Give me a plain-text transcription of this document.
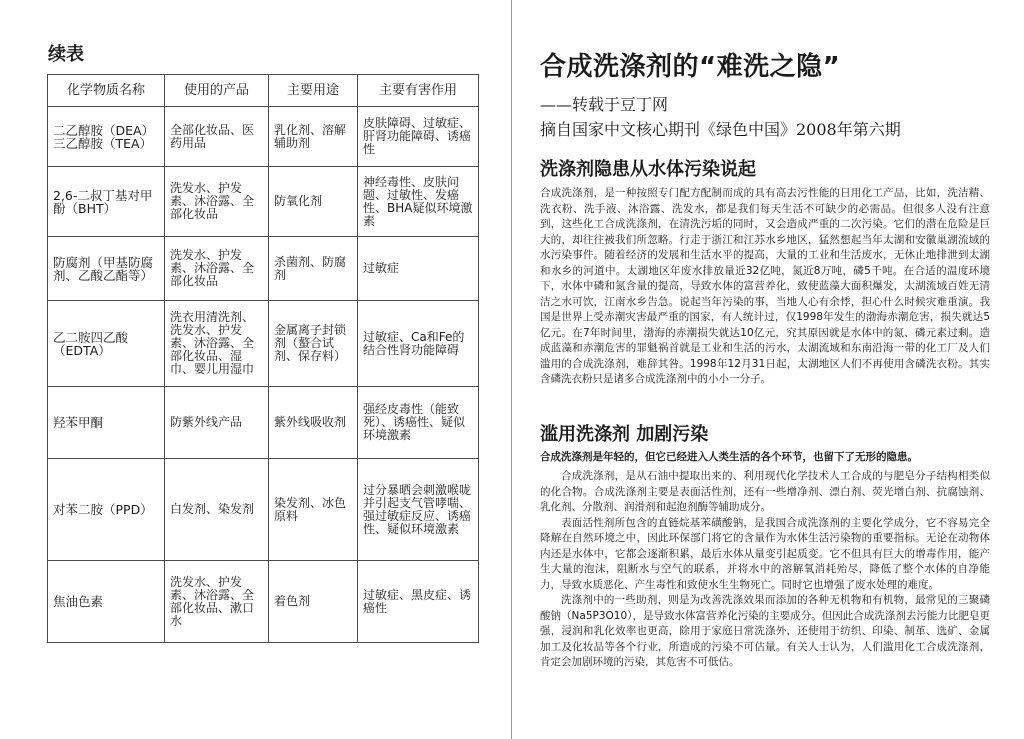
续表
化学物质名称	使用的产品	主要用途	主要有害作用
二乙醇胺（DEA）三乙醇胺（TEA）	全部化妆品、医药用品	乳化剂、溶解辅助剂	皮肤障碍、过敏症、肝肾功能障碍、诱癌性
2,6-二叔丁基对甲酚（BHT）	洗发水、护发素、沐浴露、全部化妆品	防氧化剂	神经毒性、皮肤问题、过敏性、发癌性、BHA疑似环境激素
防腐剂（甲基防腐剂、乙酸乙酯等）	洗发水、护发素、沐浴露、全部化妆品	杀菌剂、防腐剂	过敏症
乙二胺四乙酸（EDTA）	洗衣用清洗剂、洗发水、护发素、沐浴露、全部化妆品、湿巾、婴儿用湿巾	金属离子封锁剂（螯合试剂、保存料）	过敏症、Ca和Fe的结合性肾功能障碍
羟苯甲酮	防紫外线产品	紫外线吸收剂	强经皮毒性（能致死）、诱癌性、疑似环境激素
对苯二胺（PPD）	白发剂、染发剂	染发剂、冰色原料	过分暴晒会刺激喉咙并引起支气管哮喘、强过敏症反应、诱癌性、疑似环境激素
焦油色素	洗发水、护发素、沐浴露、全部化妆品、漱口水	着色剂	过敏症、黑皮症、诱癌性
合成洗涤剂的“难洗之隐”
——转载于豆丁网
摘自国家中文核心期刊《绿色中国》2008年第六期
洗涤剂隐患从水体污染说起

合成洗涤剂，是一种按照专门配方配制而成的具有高去污性能的日用化工产品，比如，洗洁精、洗衣粉、洗手液、沐浴露、洗发水，都是我们每天生活不可缺少的必需品。但很多人没有注意到，这些化工合成洗涤剂，在清洗污垢的同时，又会造成严重的二次污染。它们的潜在危险是巨大的，却往往被我们所忽略。行走于浙江和江苏水乡地区，猛然想起当年太湖和安徽巢湖流域的水污染事件。随着经济的发展和生活水平的提高，大量的工业和生活废水，无休止地排泄到太湖和水乡的河道中。太湖地区年废水排放量近32亿吨，氮近8万吨，磷5千吨。在合适的温度环境下，水体中磷和氮含量的提高，导致水体的富营养化，致使蓝藻大面积爆发，太湖流域百姓无清洁之水可饮，江南水乡告急。说起当年污染的事，当地人心有余悸，担心什么时候灾难重演。我国是世界上受赤潮灾害最严重的国家，有人统计过，仅1998年发生的渤海赤潮危害，损失就达5亿元。在7年时间里，渤海的赤潮损失就达10亿元，究其原因就是水体中的氮、磷元素过剩。造成蓝藻和赤潮危害的罪魁祸首就是工业和生活的污水，太湖流域和东南沿海一带的化工厂及人们滥用的合成洗涤剂，难辞其咎。1998年12月31日起，太湖地区人们不再使用含磷洗衣粉。其实含磷洗衣粉只是诸多合成洗涤剂中的小小一分子。

滥用洗涤剂 加剧污染

合成洗涤剂是年轻的，但它已经进入人类生活的各个环节，也留下了无形的隐患。

合成洗涤剂，是从石油中提取出来的、利用现代化学技术人工合成的与肥皂分子结构相类似的化合物。合成洗涤剂主要是表面活性剂，还有一些增净剂、漂白剂、荧光增白剂、抗腐蚀剂、乳化剂、分散剂、润滑剂和起泡剂酶等辅助成分。

表面活性剂所包含的直链烷基苯磺酸钠，是我国合成洗涤剂的主要化学成分，它不容易完全降解在自然环境之中，因此环保部门将它的含量作为水体生活污染物的重要指标。无论在动物体内还是水体中，它都会逐渐积累，最后水体从量变引起质变。它不但具有巨大的增毒作用，能产生大量的泡沫，阻断水与空气的联系，并将水中的溶解氧消耗殆尽，降低了整个水体的自净能力，导致水质恶化、产生毒性和致使水生生物死亡。同时它也增强了废水处理的难度。

洗涤剂中的一些助剂，则是为改善洗涤效果而添加的各种无机物和有机物，最常见的三聚磷酸钠（Na5P3O10），是导致水体富营养化污染的主要成分。但因此合成洗涤剂去污能力比肥皂更强，浸润和乳化效率也更高，除用于家庭日常洗涤外，还使用于纺织、印染、制革、选矿、金属加工及化妆品等各个行业，所造成的污染不可估量。有关人士认为，人们滥用化工合成洗涤剂，肯定会加剧环境的污染，其危害不可低估。
